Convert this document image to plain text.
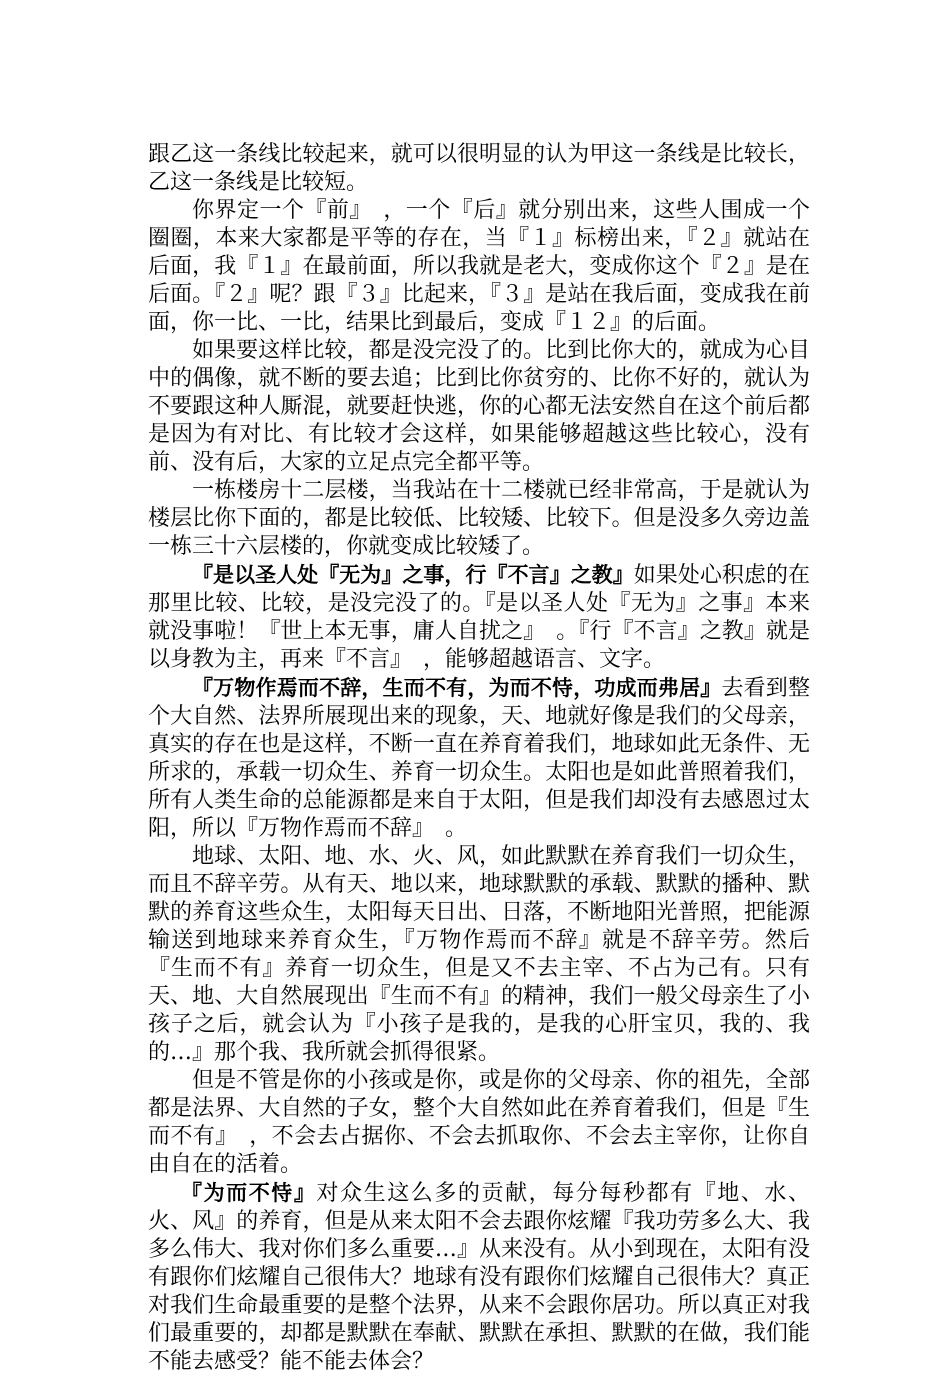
跟乙这一条线比较起来，就可以很明显的认为甲这一条线是比较长，乙这一条线是比较短。

你界定一个『前』　，一个『后』就分别出来，这些人围成一个圈圈，本来大家都是平等的存在，当『１』标榜出来，『２』就站在后面，我『１』在最前面，所以我就是老大，变成你这个『２』是在后面。『２』呢？跟『３』比起来，『３』是站在我后面，变成我在前面，你一比、一比，结果比到最后，变成『１２』的后面。

如果要这样比较，都是没完没了的。比到比你大的，就成为心目中的偶像，就不断的要去追；比到比你贫穷的、比你不好的，就认为不要跟这种人厮混，就要赶快逃，你的心都无法安然自在这个前后都是因为有对比、有比较才会这样，如果能够超越这些比较心，没有前、没有后，大家的立足点完全都平等。

一栋楼房十二层楼，当我站在十二楼就已经非常高，于是就认为楼层比你下面的，都是比较低、比较矮、比较下。但是没多久旁边盖一栋三十六层楼的，你就变成比较矮了。

『是以圣人处『无为』之事，行『不言』之教』如果处心积虑的在那里比较、比较，是没完没了的。『是以圣人处『无为』之事』本来就没事啦！『世上本无事，庸人自扰之』　。『行『不言』之教』就是以身教为主，再来『不言』　，能够超越语言、文字。

『万物作焉而不辞，生而不有，为而不恃，功成而弗居』去看到整个大自然、法界所展现出来的现象，天、地就好像是我们的父母亲，真实的存在也是这样，不断一直在养育着我们，地球如此无条件、无所求的，承载一切众生、养育一切众生。太阳也是如此普照着我们，所有人类生命的总能源都是来自于太阳，但是我们却没有去感恩过太阳，所以『万物作焉而不辞』　。

地球、太阳、地、水、火、风，如此默默在养育我们一切众生，而且不辞辛劳。从有天、地以来，地球默默的承载、默默的播种、默默的养育这些众生，太阳每天日出、日落，不断地阳光普照，把能源输送到地球来养育众生，『万物作焉而不辞』就是不辞辛劳。然后『生而不有』养育一切众生，但是又不去主宰、不占为己有。只有天、地、大自然展现出『生而不有』的精神，我们一般父母亲生了小孩子之后，就会认为『小孩子是我的，是我的心肝宝贝，我的、我的…』那个我、我所就会抓得很紧。

但是不管是你的小孩或是你，或是你的父母亲、你的祖先，全部都是法界、大自然的子女，整个大自然如此在养育着我们，但是『生而不有』　，不会去占据你、不会去抓取你、不会去主宰你，让你自由自在的活着。

『为而不恃』对众生这么多的贡献，每分每秒都有『地、水、火、风』的养育，但是从来太阳不会去跟你炫耀『我功劳多么大、我多么伟大、我对你们多么重要…』从来没有。从小到现在，太阳有没有跟你们炫耀自己很伟大？地球有没有跟你们炫耀自己很伟大？真正对我们生命最重要的是整个法界，从来不会跟你居功。所以真正对我们最重要的，却都是默默在奉献、默默在承担、默默的在做，我们能不能去感受？能不能去体会？
